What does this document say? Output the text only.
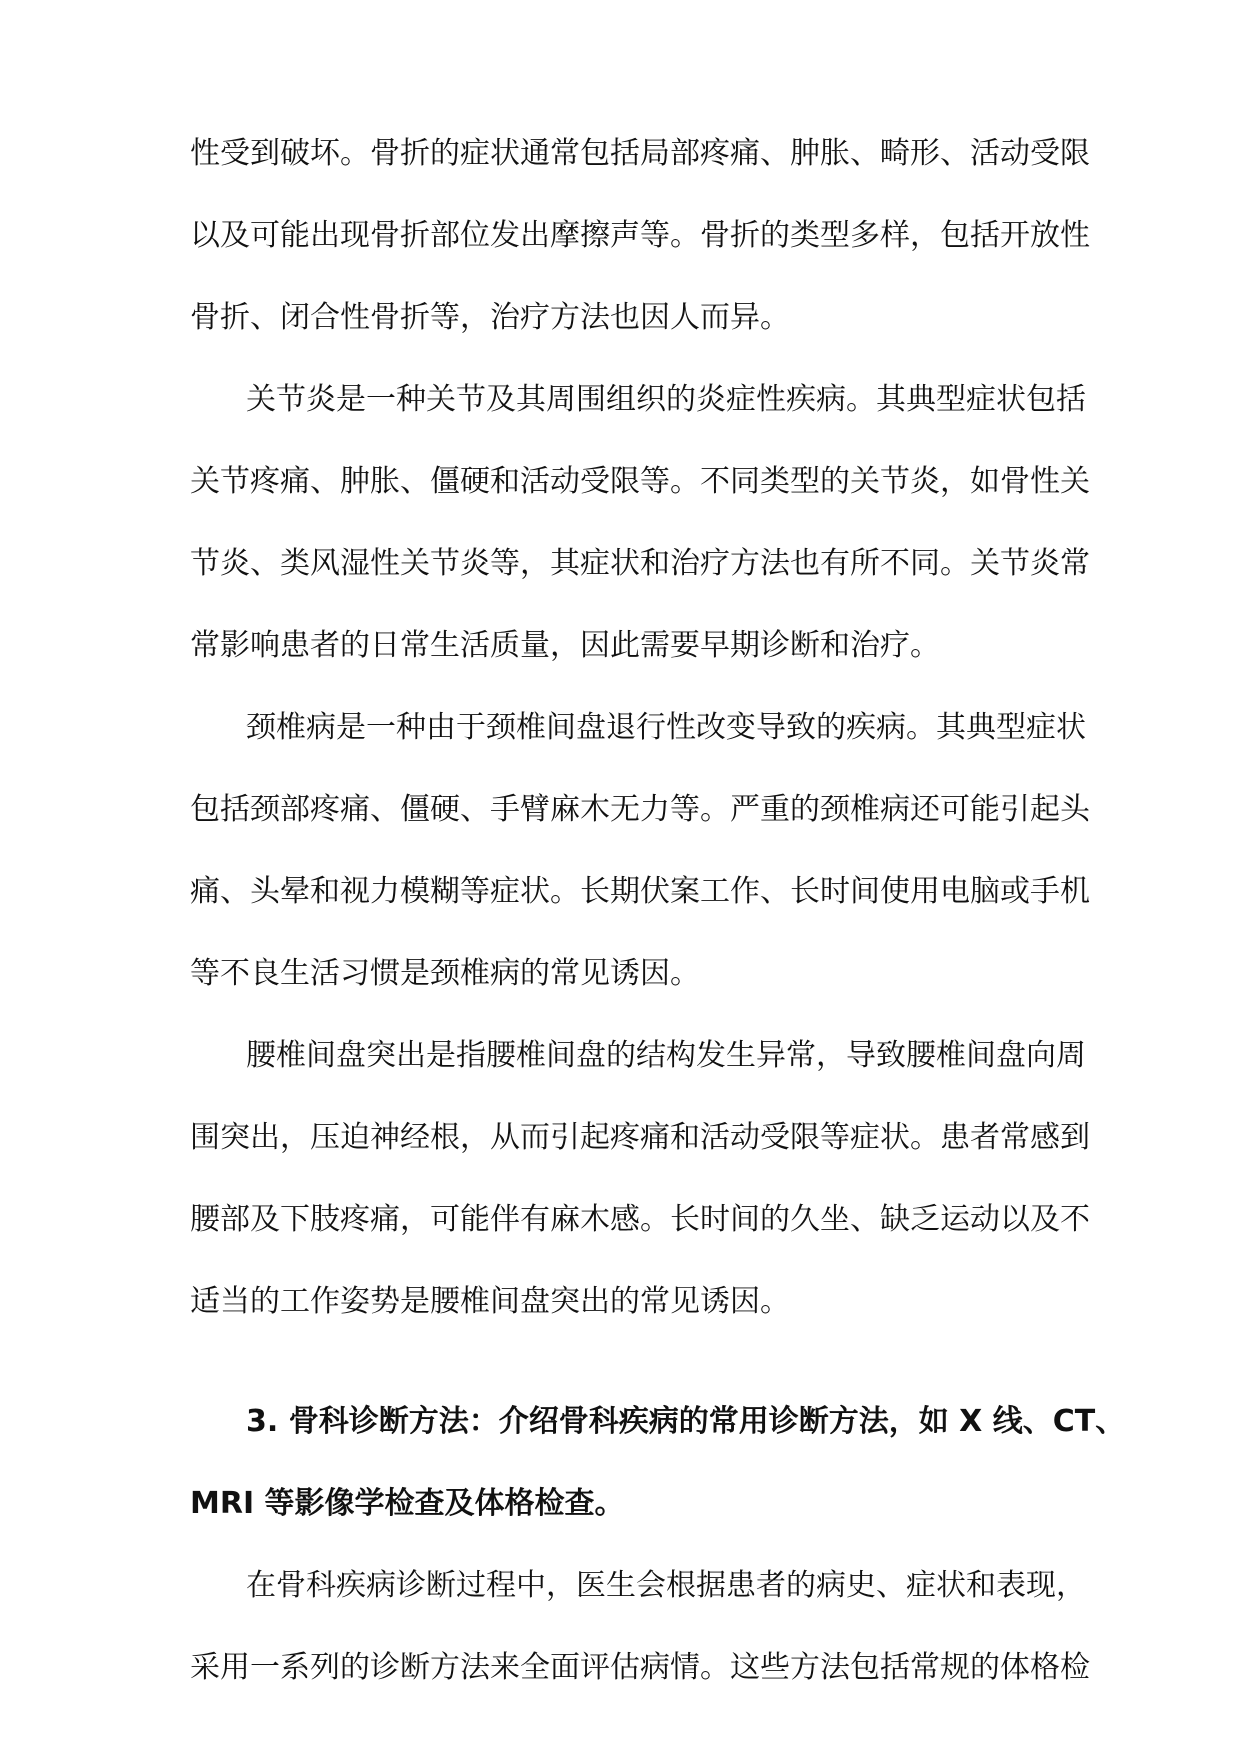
性受到破坏。骨折的症状通常包括局部疼痛、肿胀、畸形、活动受限
以及可能出现骨折部位发出摩擦声等。骨折的类型多样，包括开放性
骨折、闭合性骨折等，治疗方法也因人而异。
关节炎是一种关节及其周围组织的炎症性疾病。其典型症状包括
关节疼痛、肿胀、僵硬和活动受限等。不同类型的关节炎，如骨性关
节炎、类风湿性关节炎等，其症状和治疗方法也有所不同。关节炎常
常影响患者的日常生活质量，因此需要早期诊断和治疗。
颈椎病是一种由于颈椎间盘退行性改变导致的疾病。其典型症状
包括颈部疼痛、僵硬、手臂麻木无力等。严重的颈椎病还可能引起头
痛、头晕和视力模糊等症状。长期伏案工作、长时间使用电脑或手机
等不良生活习惯是颈椎病的常见诱因。
腰椎间盘突出是指腰椎间盘的结构发生异常，导致腰椎间盘向周
围突出，压迫神经根，从而引起疼痛和活动受限等症状。患者常感到
腰部及下肢疼痛，可能伴有麻木感。长时间的久坐、缺乏运动以及不
适当的工作姿势是腰椎间盘突出的常见诱因。
3. 骨科诊断方法：介绍骨科疾病的常用诊断方法，如 X 线、CT、
MRI 等影像学检查及体格检查。
在骨科疾病诊断过程中，医生会根据患者的病史、症状和表现，
采用一系列的诊断方法来全面评估病情。这些方法包括常规的体格检
